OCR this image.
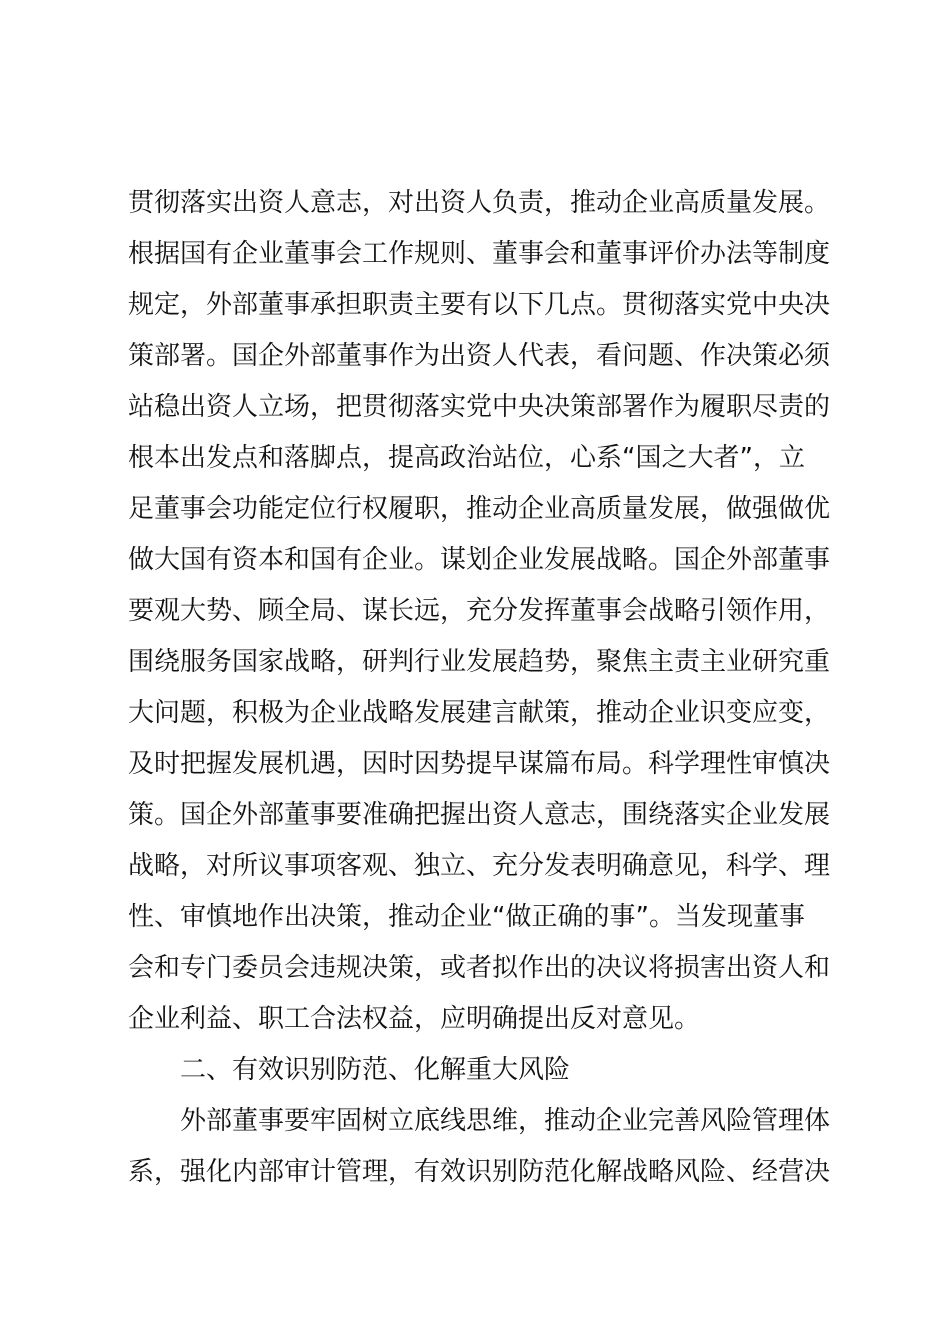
贯彻落实出资人意志，对出资人负责，推动企业高质量发展。
根据国有企业董事会工作规则、董事会和董事评价办法等制度
规定，外部董事承担职责主要有以下几点。贯彻落实党中央决
策部署。国企外部董事作为出资人代表，看问题、作决策必须
站稳出资人立场，把贯彻落实党中央决策部署作为履职尽责的
根本出发点和落脚点，提高政治站位，心系“国之大者”，立
足董事会功能定位行权履职，推动企业高质量发展，做强做优
做大国有资本和国有企业。谋划企业发展战略。国企外部董事
要观大势、顾全局、谋长远，充分发挥董事会战略引领作用，
围绕服务国家战略，研判行业发展趋势，聚焦主责主业研究重
大问题，积极为企业战略发展建言献策，推动企业识变应变，
及时把握发展机遇，因时因势提早谋篇布局。科学理性审慎决
策。国企外部董事要准确把握出资人意志，围绕落实企业发展
战略，对所议事项客观、独立、充分发表明确意见，科学、理
性、审慎地作出决策，推动企业“做正确的事”。当发现董事
会和专门委员会违规决策，或者拟作出的决议将损害出资人和
企业利益、职工合法权益，应明确提出反对意见。
二、有效识别防范、化解重大风险
外部董事要牢固树立底线思维，推动企业完善风险管理体
系，强化内部审计管理，有效识别防范化解战略风险、经营决
